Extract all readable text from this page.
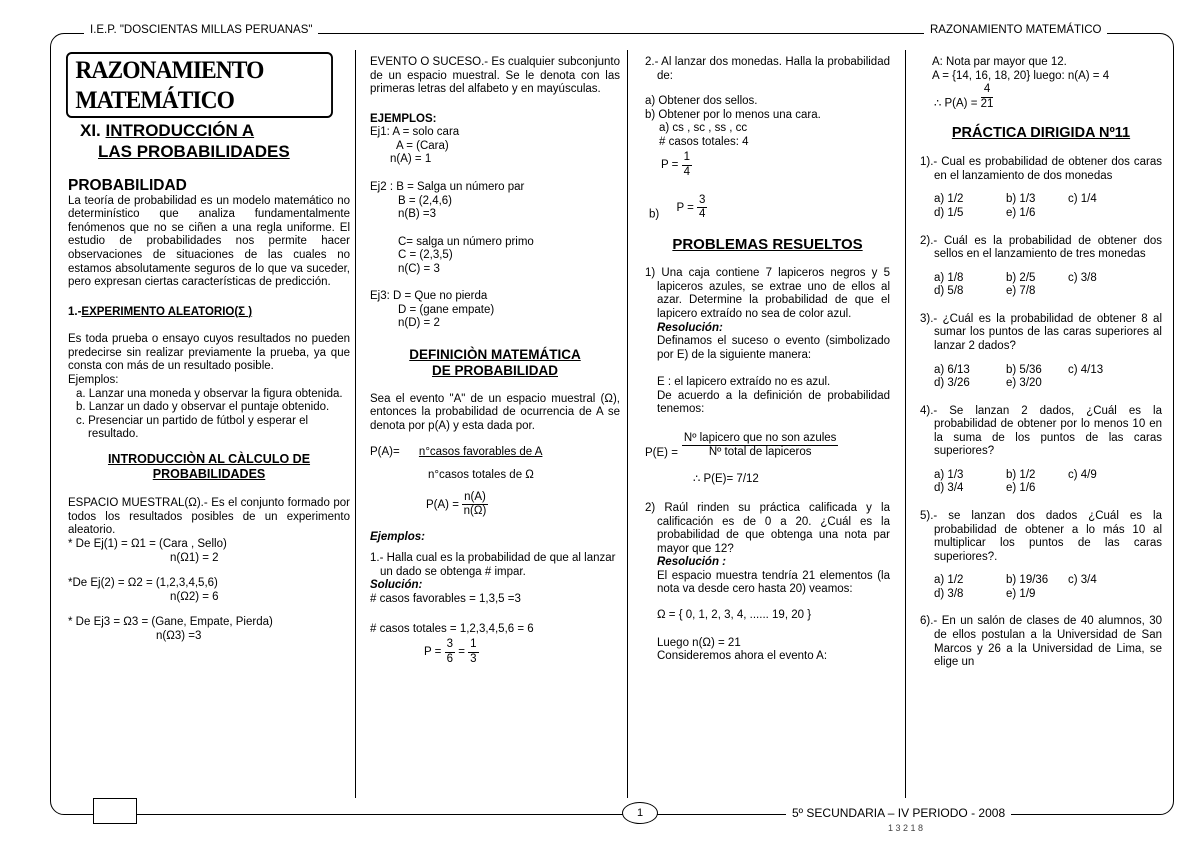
I.E.P. "DOSCIENTAS MILLAS PERUANAS"	RAZONAMIENTO MATEMÁTICO
1	5º SECUNDARIA – IV PERIODO - 2008
1 3 2 1 8
RAZONAMIENTO MATEMÁTICO
XI. INTRODUCCIÓN A
LAS PROBABILIDADES
PROBABILIDAD

La teoría de probabilidad es un modelo matemático no determinístico que analiza fundamentalmente fenómenos que no se ciñen a una regla uniforme. El estudio de probabilidades nos permite hacer observaciones de situaciones de las cuales no estamos absolutamente seguros de lo que va suceder, pero expresan ciertas características de predicción.

1.-EXPERIMENTO ALEATORIO(Σ )

Es toda prueba o ensayo cuyos resultados no pueden predecirse sin realizar previamente la prueba, ya que consta con más de un resultado posible.

Ejemplos:

a. Lanzar una moneda y observar la figura obtenida.

b. Lanzar un dado y observar el puntaje obtenido.

c. Presenciar un partido de fútbol y esperar el resultado.

INTRODUCCIÒN AL CÀLCULO DE
PROBABILIDADES

ESPACIO MUESTRAL(Ω).- Es el conjunto formado por todos los resultados posibles de un experimento aleatorio.

* De Ej(1) = Ω1 = (Cara , Sello)

n(Ω1) = 2

*De Ej(2) = Ω2 = (1,2,3,4,5,6)

n(Ω2) = 6

* De Ej3 = Ω3 = (Gane, Empate, Pierda)

n(Ω3) =3

EVENTO O SUCESO.- Es cualquier subconjunto de un espacio muestral. Se le denota con las primeras letras del alfabeto y en mayúsculas.

EJEMPLOS:

Ej1: A = solo cara

A = (Cara)

n(A) = 1

Ej2 : B = Salga un número par

B = (2,4,6)

n(B) =3

C= salga un número primo

C = (2,3,5)

n(C) = 3

Ej3: D = Que no pierda

D = (gane empate)

n(D) = 2

DEFINICIÒN MATEMÁTICA
DE PROBABILIDAD

Sea el evento "A" de un espacio muestral (Ω), entonces la probabilidad de ocurrencia de A se denota por p(A) y esta dada por.

P(A)= n°casos favorables de A

n°casos totales de Ω

$P(A) = \frac{n(A)}{n(\Omega)}$
Ejemplos:

1.- Halla cual es la probabilidad de que al lanzar un dado se obtenga # impar.

Solución:

# casos favorables = 1,3,5 =3

# casos totales = 1,2,3,4,5,6 = 6

$P = \frac{3}{6} = \frac{1}{3}$

2.- Al lanzar dos monedas. Halla la probabilidad de:

a) Obtener dos sellos.

b) Obtener por lo menos una cara.

a) cs , sc , ss , cc

# casos totales: 4

$P = \frac{1}{4}$
b) $P = \frac{3}{4}$
PROBLEMAS RESUELTOS

1) Una caja contiene 7 lapiceros negros y 5 lapiceros azules, se extrae uno de ellos al azar. Determine la probabilidad de que el lapicero extraído no sea de color azul.

Resolución:

Definamos el suceso o evento (simbolizado por E) de la siguiente manera:

E : el lapicero extraído no es azul.

De acuerdo a la definición de probabilidad tenemos:

$P(E) = \frac{\text{Nº lapicero que no son azules}}{\text{Nº total de lapiceros}}$

∴ P(E)= 7/12

2) Raúl rinden su práctica calificada y la calificación es de 0 a 20. ¿Cuál es la probabilidad de que obtenga una nota par mayor que 12?

Resolución :

El espacio muestra tendría 21 elementos (la nota va desde cero hasta 20) veamos:

Ω = { 0, 1, 2, 3, 4, ...... 19, 20 }

Luego n(Ω) = 21

Consideremos ahora el evento A:

A: Nota par mayor que 12.

A = {14, 16, 18, 20} luego: n(A) = 4

∴ $P(A) = \frac{4}{21}$
PRÁCTICA DIRIGIDA Nº11

1).- Cual es probabilidad de obtener dos caras en el lanzamiento de dos monedas

a) 1/2	b) 1/3	c) 1/4
d) 1/5	e) 1/6

2).- Cuál es la probabilidad de obtener dos sellos en el lanzamiento de tres monedas

a) 1/8	b) 2/5	c) 3/8
d) 5/8	e) 7/8

3).- ¿Cuál es la probabilidad de obtener 8 al sumar los puntos de las caras superiores al lanzar 2 dados?

a) 6/13	b) 5/36	c) 4/13
d) 3/26	e) 3/20

4).- Se lanzan 2 dados, ¿Cuál es la probabilidad de obtener por lo menos 10 en la suma de los puntos de las caras superiores?

a) 1/3	b) 1/2	c) 4/9
d) 3/4	e) 1/6

5).- se lanzan dos dados ¿Cuál es la probabilidad de obtener a lo más 10 al multiplicar los puntos de las caras superiores?.

a) 1/2	b) 19/36	c) 3/4
d) 3/8	e) 1/9

6).- En un salón de clases de 40 alumnos, 30 de ellos postulan a la Universidad de San Marcos y 26 a la Universidad de Lima, se elige un
